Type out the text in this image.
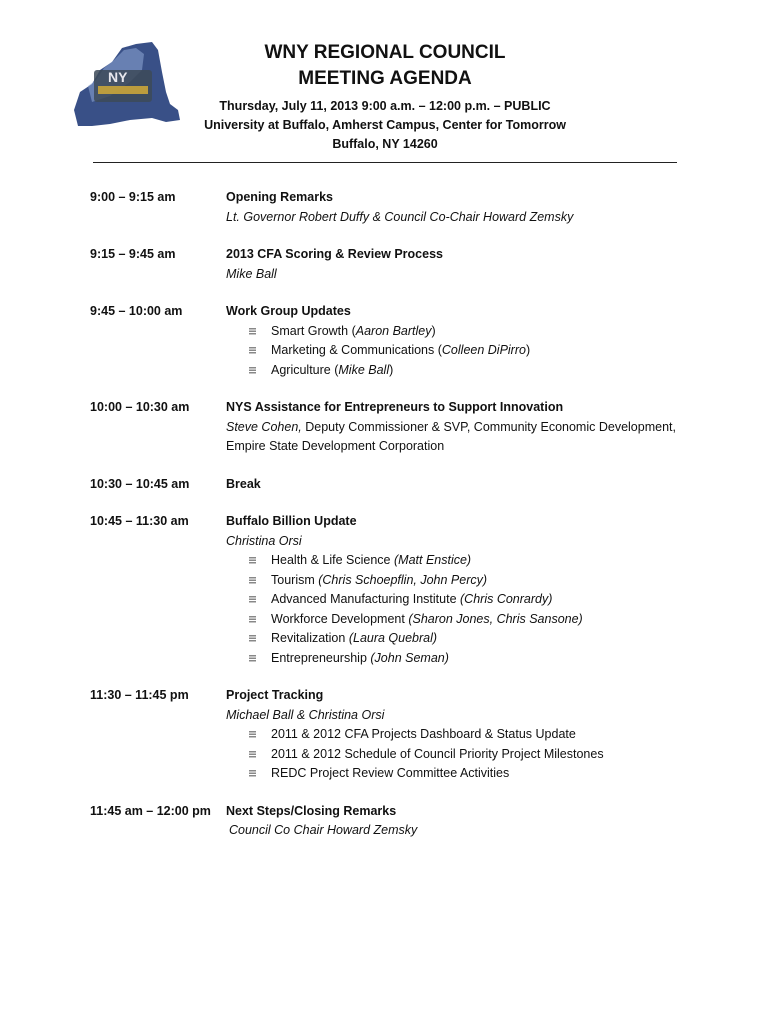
NY
WNY REGIONAL COUNCIL
MEETING AGENDA
Thursday, July 11, 2013 9:00 a.m. – 12:00 p.m. – PUBLIC
University at Buffalo, Amherst Campus, Center for Tomorrow
Buffalo, NY 14260
9:00 – 9:15 am	Opening Remarks
Lt. Governor Robert Duffy & Council Co-Chair Howard Zemsky
9:15 – 9:45 am	2013 CFA Scoring & Review Process
Mike Ball
9:45 – 10:00 am	Work Group Updates
Smart Growth (Aaron Bartley)
Marketing & Communications (Colleen DiPirro)
Agriculture (Mike Ball)
10:00 – 10:30 am	NYS Assistance for Entrepreneurs to Support Innovation
Steve Cohen, Deputy Commissioner & SVP, Community Economic Development,
Empire State Development Corporation
10:30 – 10:45 am	Break
10:45 – 11:30 am	Buffalo Billion Update
Christina Orsi
Health & Life Science (Matt Enstice)
Tourism (Chris Schoepflin, John Percy)
Advanced Manufacturing Institute (Chris Conrardy)
Workforce Development (Sharon Jones, Chris Sansone)
Revitalization (Laura Quebral)
Entrepreneurship (John Seman)
11:30 – 11:45 pm	Project Tracking
Michael Ball & Christina Orsi
2011 & 2012 CFA Projects Dashboard & Status Update
2011 & 2012 Schedule of Council Priority Project Milestones
REDC Project Review Committee Activities
11:45 am – 12:00 pm	Next Steps/Closing Remarks
Council Co Chair Howard Zemsky
